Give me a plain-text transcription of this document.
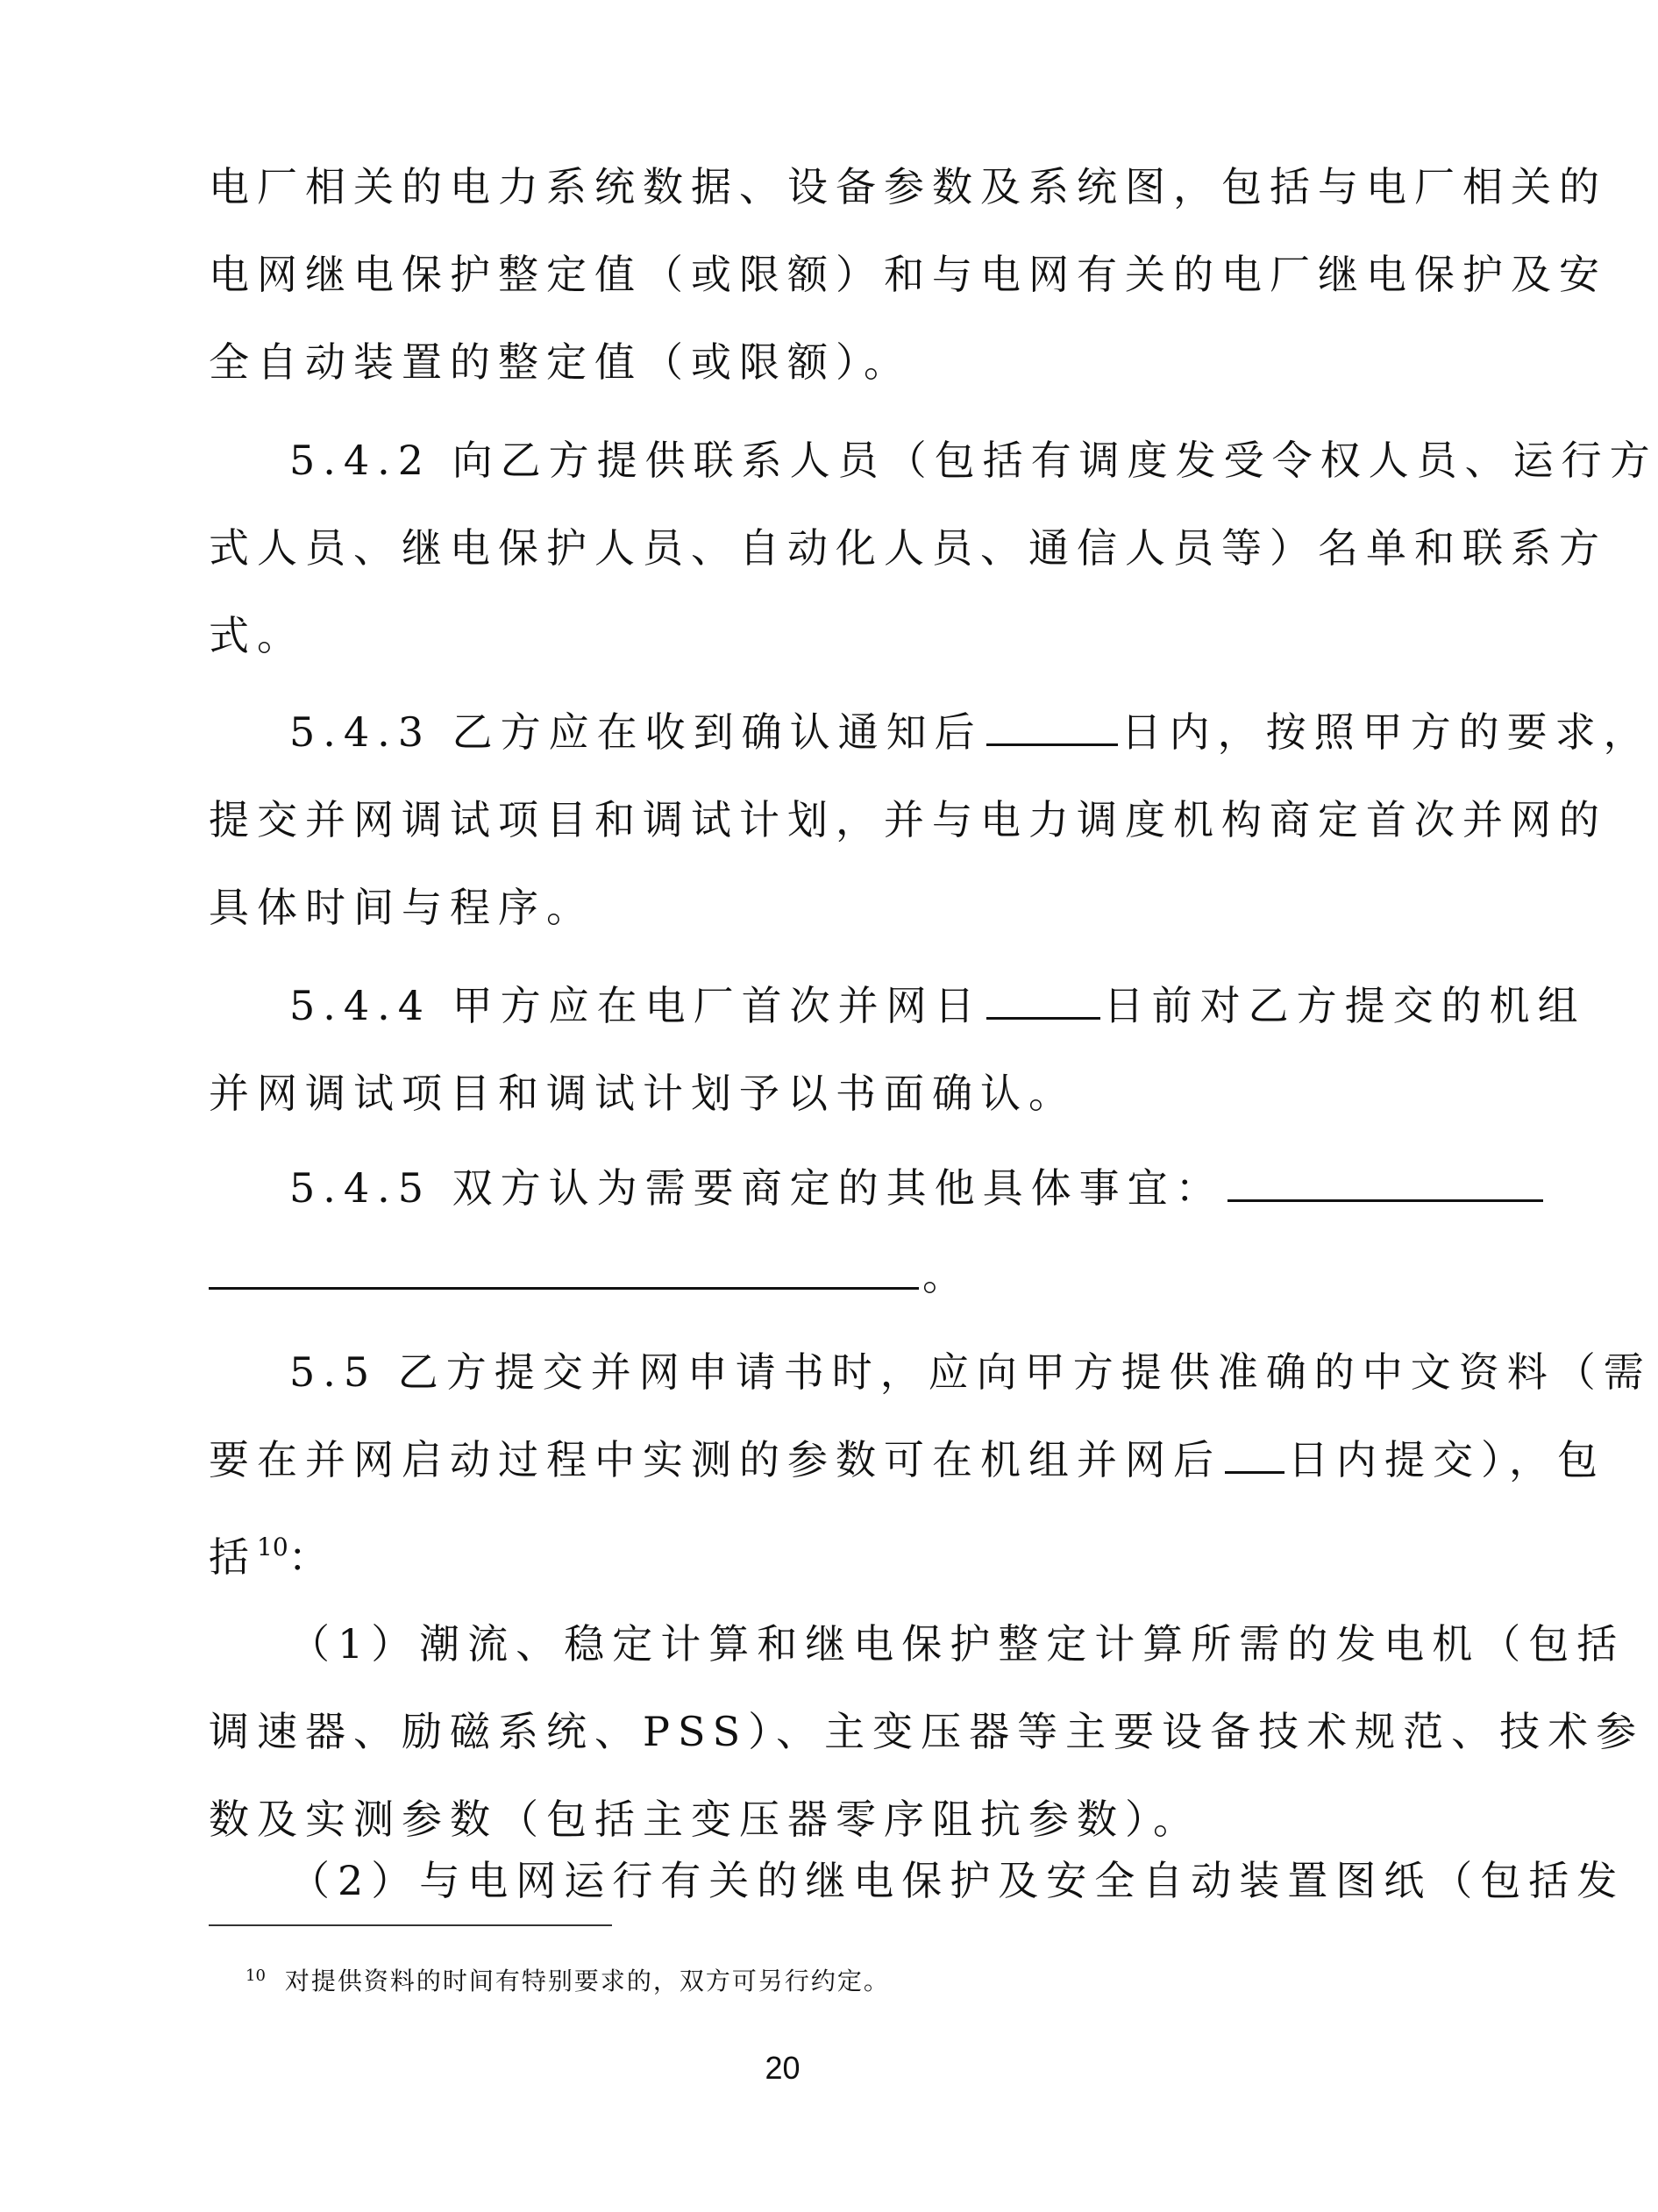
电厂相关的电力系统数据、设备参数及系统图，包括与电厂相关的
电网继电保护整定值（或限额）和与电网有关的电厂继电保护及安
全自动装置的整定值（或限额）。
5.4.2 向乙方提供联系人员（包括有调度发受令权人员、运行方
式人员、继电保护人员、自动化人员、通信人员等）名单和联系方
式。
5.4.3 乙方应在收到确认通知后	日内，按照甲方的要求，
提交并网调试项目和调试计划，并与电力调度机构商定首次并网的
具体时间与程序。
5.4.4 甲方应在电厂首次并网日	日前对乙方提交的机组
并网调试项目和调试计划予以书面确认。
5.4.5 双方认为需要商定的其他具体事宜：
。
5.5 乙方提交并网申请书时，应向甲方提供准确的中文资料（需
要在并网启动过程中实测的参数可在机组并网后 日内提交），包
括$^{10}$：
（1）潮流、稳定计算和继电保护整定计算所需的发电机（包括
调速器、励磁系统、PSS）、主变压器等主要设备技术规范、技术参
数及实测参数（包括主变压器零序阻抗参数）。
（2）与电网运行有关的继电保护及安全自动装置图纸（包括发
$^{10}$ 对提供资料的时间有特别要求的，双方可另行约定。
20
